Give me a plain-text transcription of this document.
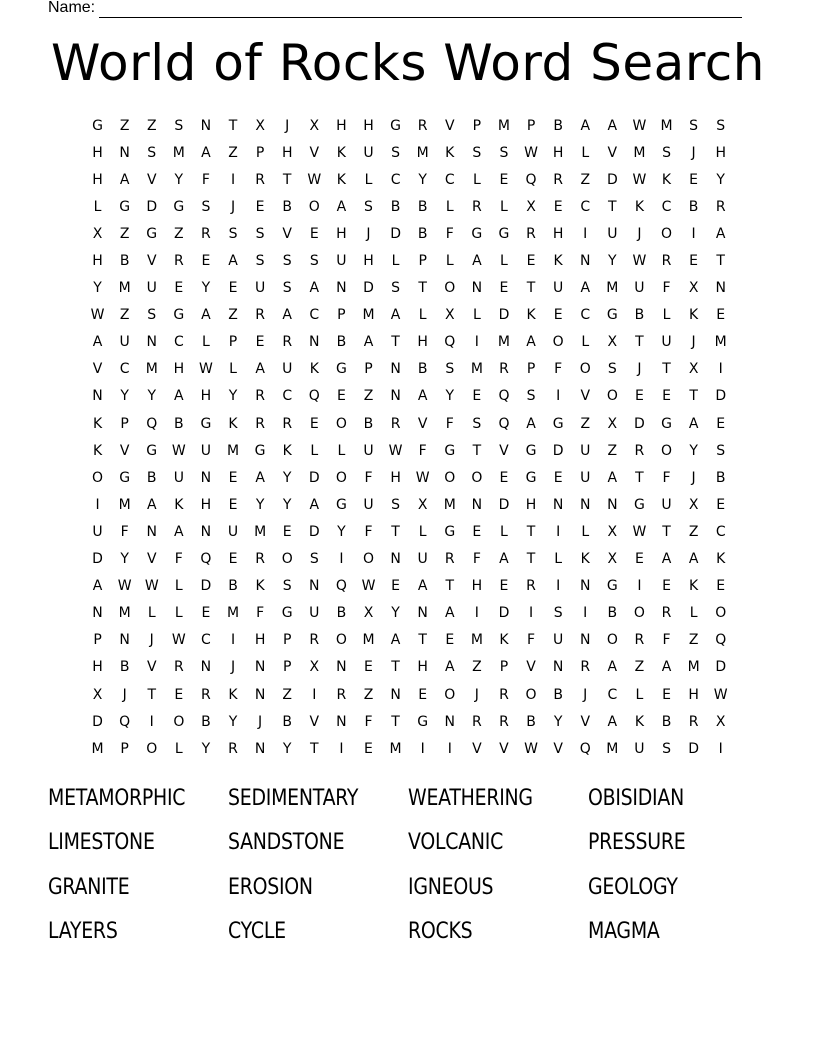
Name:
World of Rocks Word Search
G	Z	Z	S	N	T	X	J	X	H	H	G	R	V	P	M	P	B	A	A	W	M	S	S
H	N	S	M	A	Z	P	H	V	K	U	S	M	K	S	S	W	H	L	V	M	S	J	H
H	A	V	Y	F	I	R	T	W	K	L	C	Y	C	L	E	Q	R	Z	D	W	K	E	Y
L	G	D	G	S	J	E	B	O	A	S	B	B	L	R	L	X	E	C	T	K	C	B	R
X	Z	G	Z	R	S	S	V	E	H	J	D	B	F	G	G	R	H	I	U	J	O	I	A
H	B	V	R	E	A	S	S	S	U	H	L	P	L	A	L	E	K	N	Y	W	R	E	T
Y	M	U	E	Y	E	U	S	A	N	D	S	T	O	N	E	T	U	A	M	U	F	X	N
W	Z	S	G	A	Z	R	A	C	P	M	A	L	X	L	D	K	E	C	G	B	L	K	E
A	U	N	C	L	P	E	R	N	B	A	T	H	Q	I	M	A	O	L	X	T	U	J	M
V	C	M	H	W	L	A	U	K	G	P	N	B	S	M	R	P	F	O	S	J	T	X	I
N	Y	Y	A	H	Y	R	C	Q	E	Z	N	A	Y	E	Q	S	I	V	O	E	E	T	D
K	P	Q	B	G	K	R	R	E	O	B	R	V	F	S	Q	A	G	Z	X	D	G	A	E
K	V	G	W	U	M	G	K	L	L	U	W	F	G	T	V	G	D	U	Z	R	O	Y	S
O	G	B	U	N	E	A	Y	D	O	F	H	W	O	O	E	G	E	U	A	T	F	J	B
I	M	A	K	H	E	Y	Y	A	G	U	S	X	M	N	D	H	N	N	N	G	U	X	E
U	F	N	A	N	U	M	E	D	Y	F	T	L	G	E	L	T	I	L	X	W	T	Z	C
D	Y	V	F	Q	E	R	O	S	I	O	N	U	R	F	A	T	L	K	X	E	A	A	K
A	W W	L	D	B	K	S	N	Q	W	E	A	T	H	E	R	I	N	G	I	E	K	E
N	M	L	L	E	M	F	G	U	B	X	Y	N	A	I	D	I	S	I	B	O	R	L	O
P	N	J	W	C	I	H	P	R	O	M	A	T	E	M	K	F	U	N	O	R	F	Z	Q
H	B	V	R	N	J	N	P	X	N	E	T	H	A	Z	P	V	N	R	A	Z	A	M	D
X	J	T	E	R	K	N	Z	I	R	Z	N	E	O	J	R	O	B	J	C	L	E	H	W
D	Q	I	O	B	Y	J	B	V	N	F	T	G	N	R	R	B	Y	V	A	K	B	R	X
M	P	O	L	Y	R	N	Y	T	I	E	M	I	I	V	V	W	V	Q	M	U	S	D	I
METAMORPHIC	SEDIMENTARY	WEATHERING	OBISIDIAN
LIMESTONE	SANDSTONE	VOLCANIC	PRESSURE
GRANITE	EROSION	IGNEOUS	GEOLOGY
LAYERS	CYCLE	ROCKS	MAGMA
